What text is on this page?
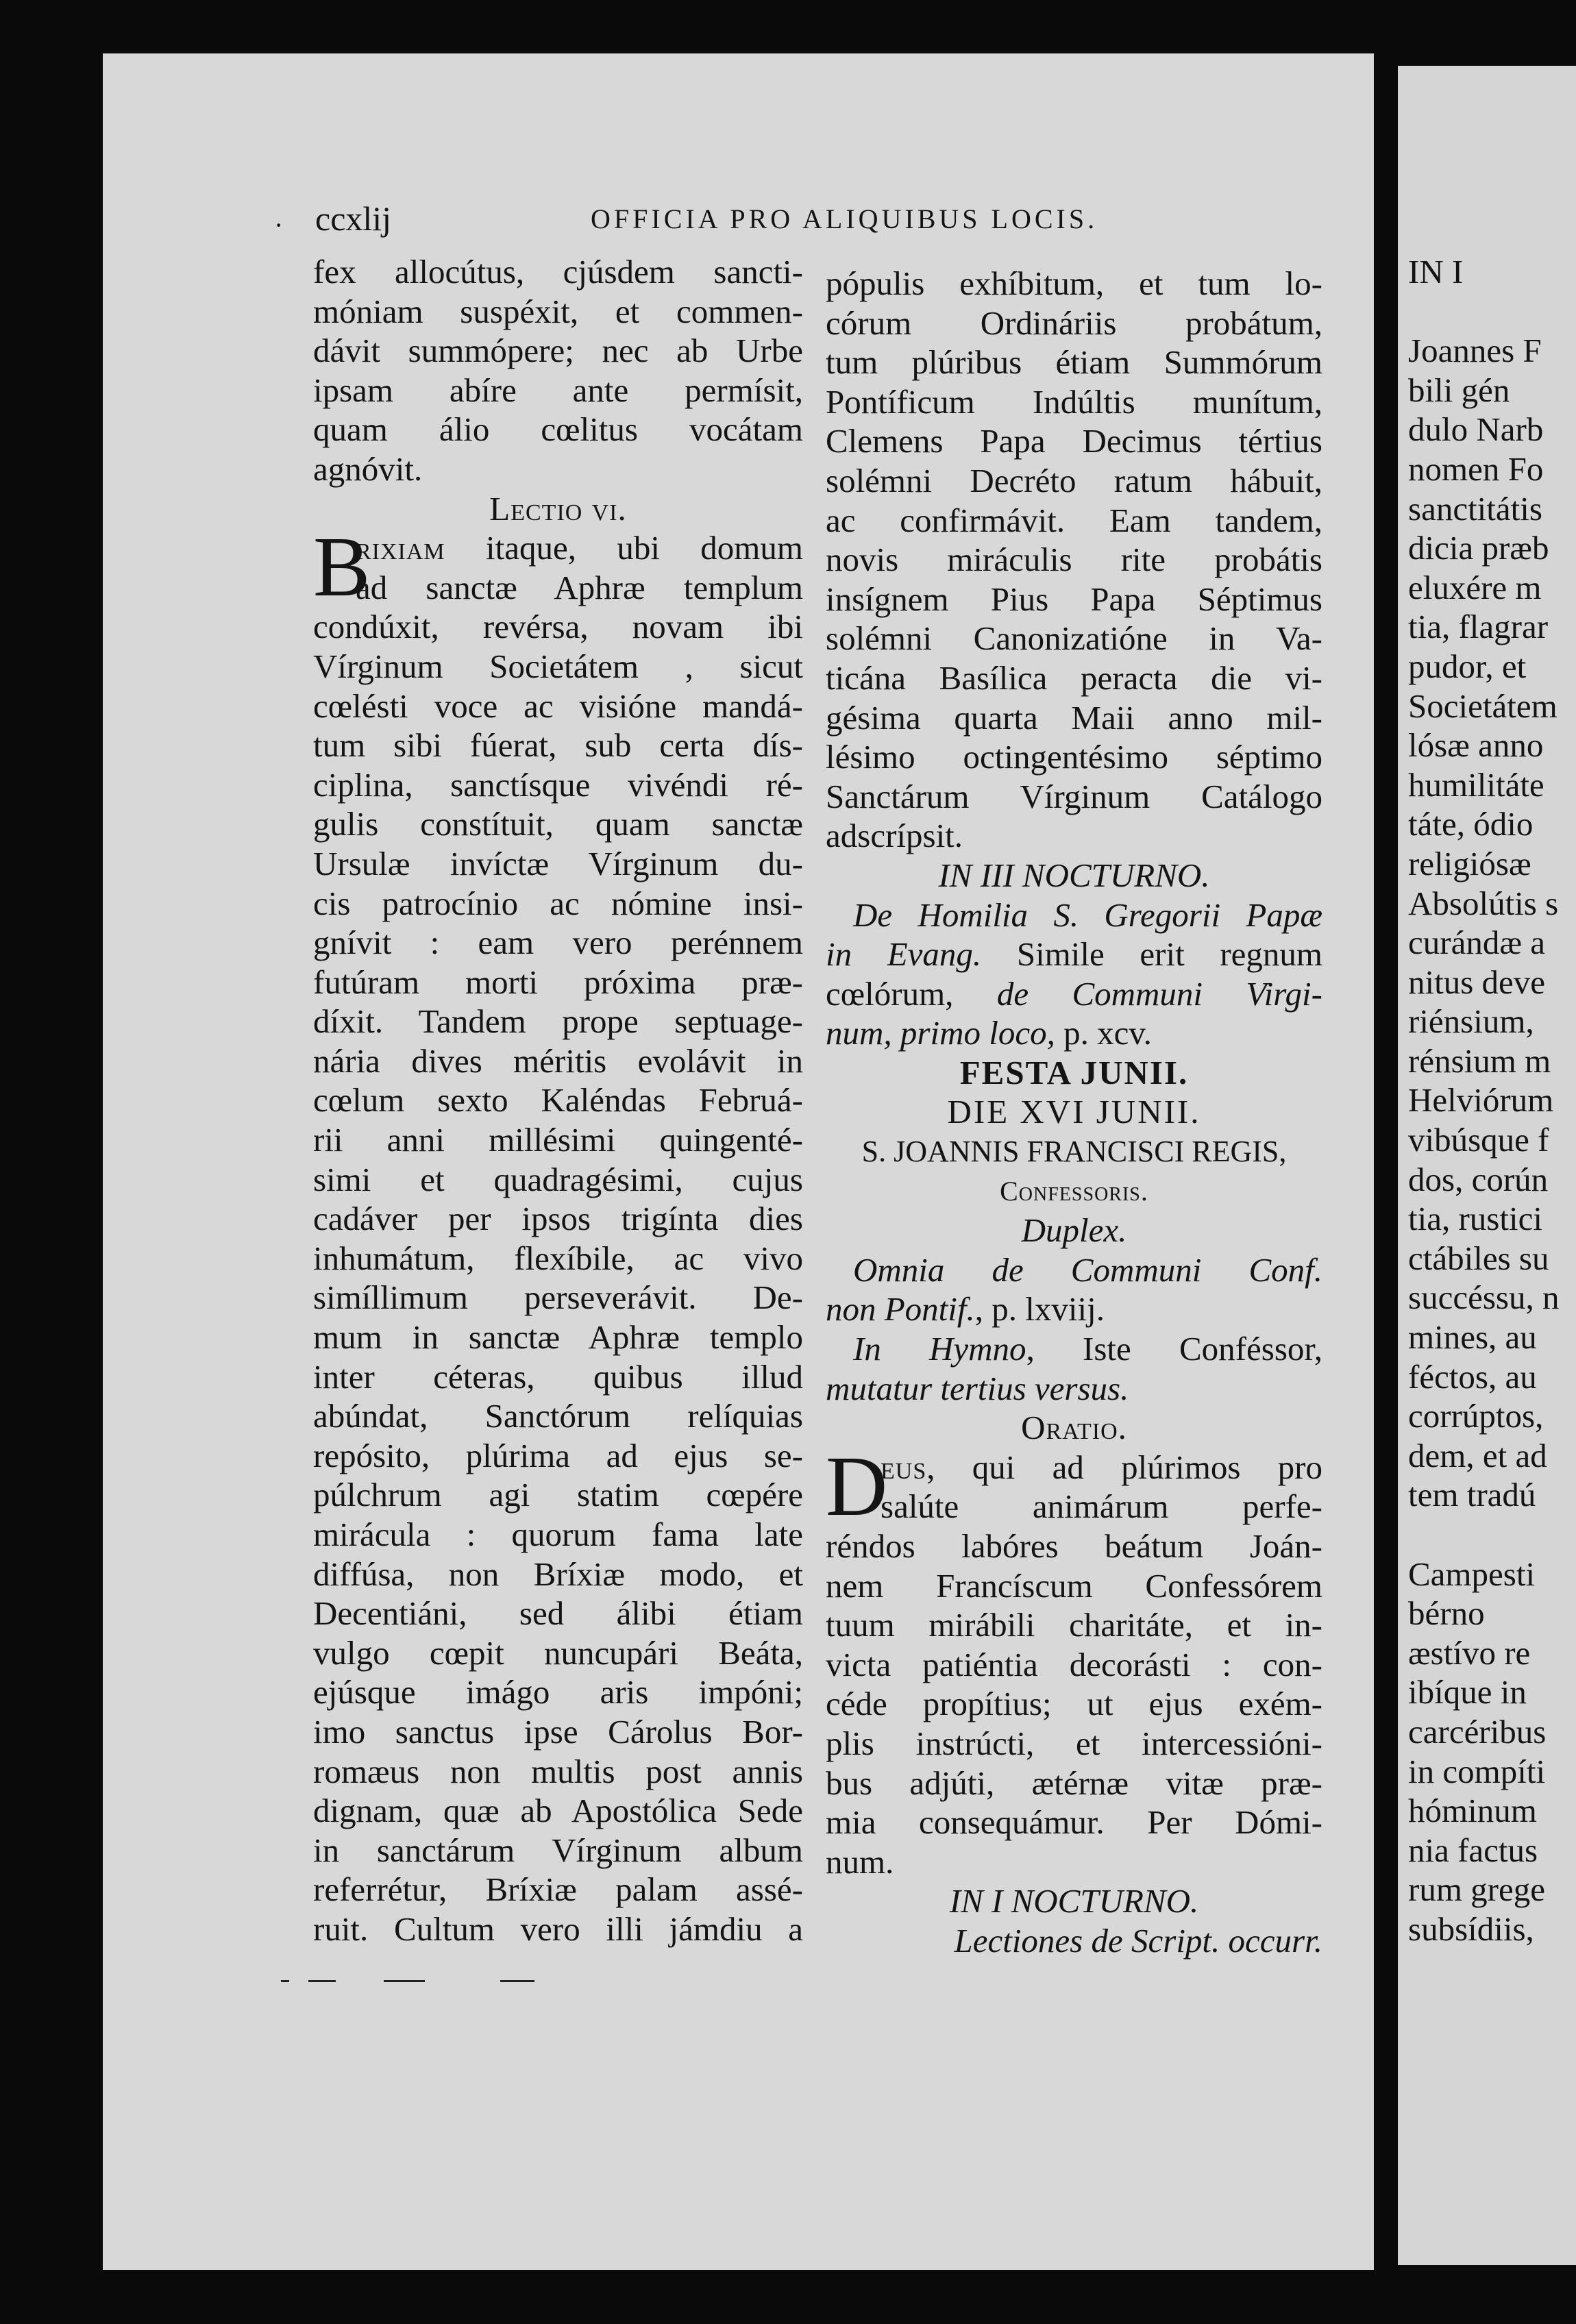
· ccxlij	OFFICIA PRO ALIQUIBUS LOCIS.
fex allocútus, cjúsdem sancti-
móniam suspéxit, et commen-
dávit summópere; nec ab Urbe
ipsam abíre ante permísit,
quam álio cœlitus vocátam
agnóvit.
Lectio vi.
B
rixiam itaque, ubi domum
ad sanctæ Aphræ templum
condúxit, revérsa, novam ibi
Vírginum Societátem , sicut
cœlésti voce ac visióne mandá-
tum sibi fúerat, sub certa dís-
ciplina, sanctísque vivéndi ré-
gulis constítuit, quam sanctæ
Ursulæ invíctæ Vírginum du-
cis patrocínio ac nómine insi-
gnívit : eam vero perénnem
futúram morti próxima præ-
díxit. Tandem prope septuage-
nária dives méritis evolávit in
cœlum sexto Kaléndas Februá-
rii anni millésimi quingenté-
simi et quadragésimi, cujus
cadáver per ipsos trigínta dies
inhumátum, flexíbile, ac vivo
simíllimum perseverávit. De-
mum in sanctæ Aphræ templo
inter céteras, quibus illud
abúndat, Sanctórum relíquias
repósito, plúrima ad ejus se-
púlchrum agi statim cœpére
mirácula : quorum fama late
diffúsa, non Bríxiæ modo, et
Decentiáni, sed álibi étiam
vulgo cœpit nuncupári Beáta,
ejúsque imágo aris impóni;
imo sanctus ipse Cárolus Bor-
romæus non multis post annis
dignam, quæ ab Apostólica Sede
in sanctárum Vírginum album
referrétur, Bríxiæ palam assé-
ruit. Cultum vero illi jámdiu a
pópulis exhíbitum, et tum lo-
córum Ordináriis probátum,
tum plúribus étiam Summórum
Pontíficum Indúltis munítum,
Clemens Papa Decimus tértius
solémni Decréto ratum hábuit,
ac confirmávit. Eam tandem,
novis miráculis rite probátis
insígnem Pius Papa Séptimus
solémni Canonizatióne in Va-
ticána Basílica peracta die vi-
gésima quarta Maii anno mil-
lésimo octingentésimo séptimo
Sanctárum Vírginum Catálogo
adscrípsit.
IN III NOCTURNO.
De Homilia S. Gregorii Papæ
in Evang. Simile erit regnum
cœlórum, de Communi Virgi-
num, primo loco, p. xcv.
FESTA JUNII.
DIE XVI JUNII.
S. JOANNIS FRANCISCI REGIS,
Confessoris.
Duplex.
Omnia de Communi Conf.
non Pontif., p. lxviij.
In Hymno, Iste Conféssor,
mutatur tertius versus.
Oratio.
D
eus, qui ad plúrimos pro
salúte animárum perfe-
réndos labóres beátum Joán-
nem Francíscum Confessórem
tuum mirábili charitáte, et in-
victa patiéntia decorásti : con-
céde propítius; ut ejus exém-
plis instrúcti, et intercessióni-
bus adjúti, ætérnæ vitæ præ-
mia consequámur. Per Dómi-
num.
IN I NOCTURNO.
Lectiones de Script. occurr.
IN I
Joannes F
bili gén
dulo Narb
nomen Fo
sanctitátis
dicia præb
eluxére m
tia, flagrar
pudor, et
Societátem
lósæ anno
humilitáte
táte, ódio
religiósæ
Absolútis s
curándæ a
nitus deve
riénsium,
rénsium m
Helviórum
vibúsque f
dos, corún
tia, rustici
ctábiles su
succéssu, n
mines, au
féctos, au
corrúptos,
dem, et ad
tem tradú
Campesti
bérno
æstívo re
ibíque in
carcéribus
in compíti
hóminum
nia factus
rum grege
subsídiis,
